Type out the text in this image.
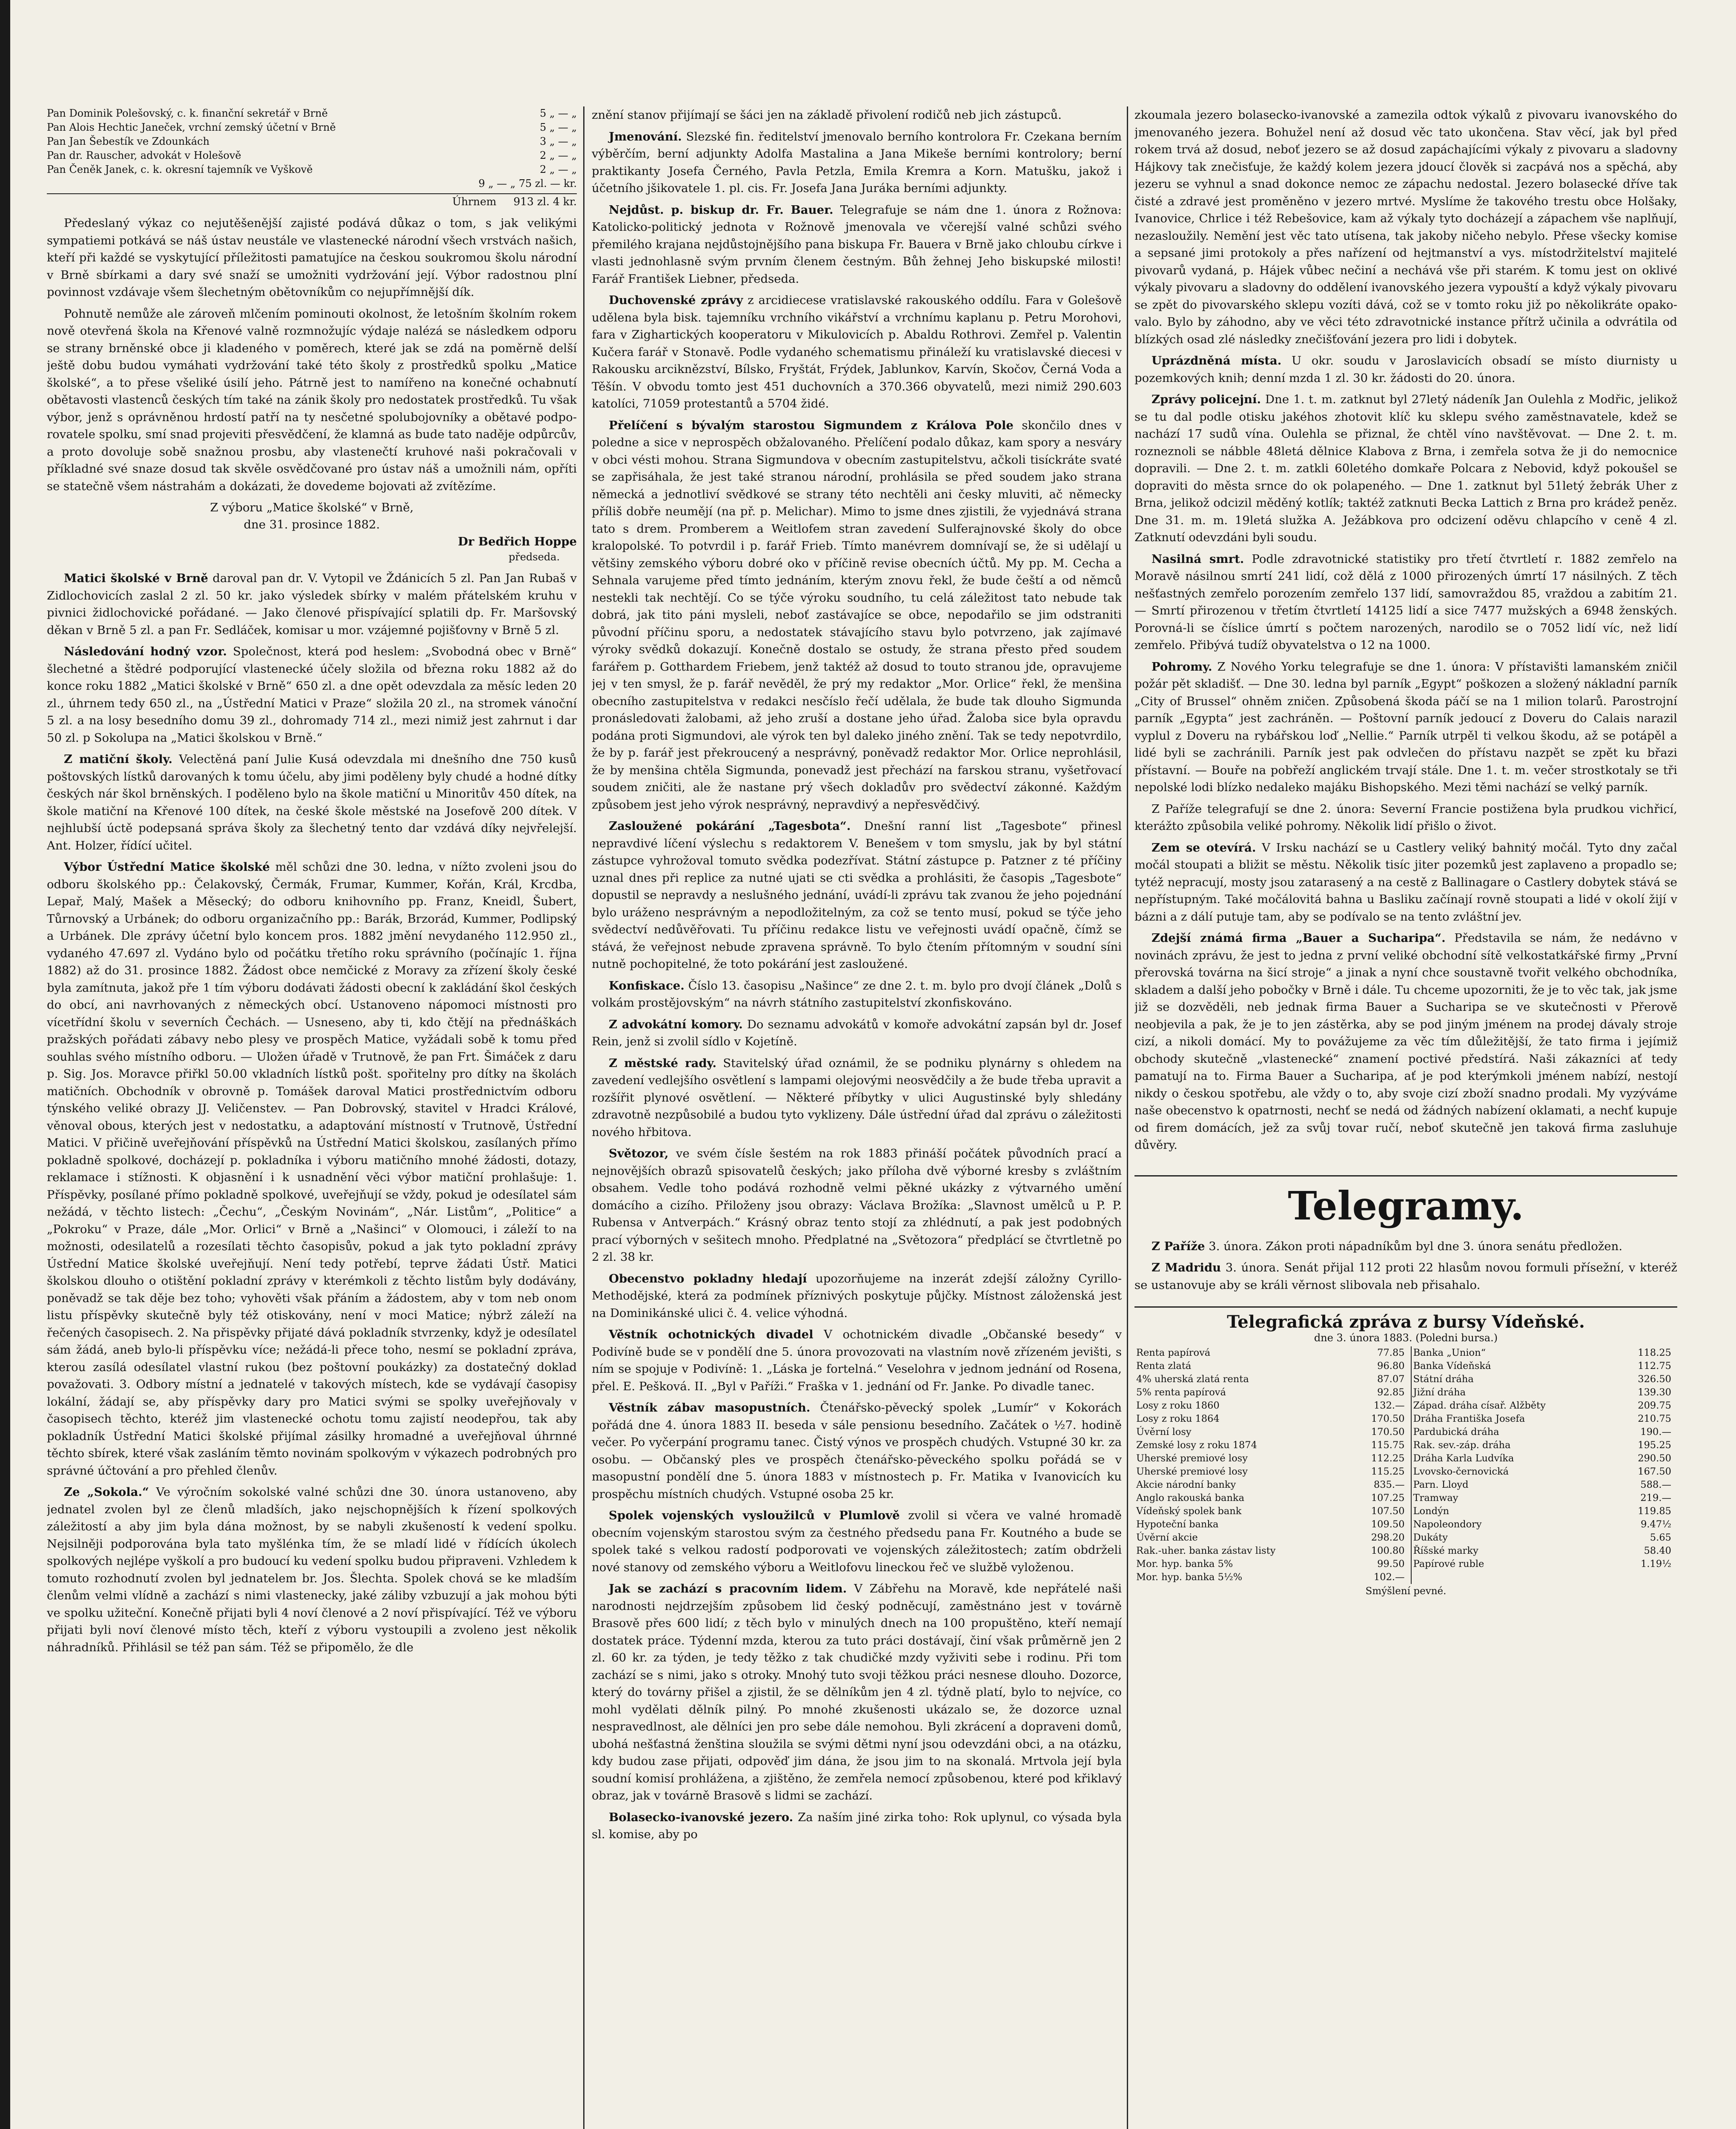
Pan Dominik Polešovský, c. k. finanční sekretář v Brně	5 „ — „
Pan Alois Hechtic Janeček, vrchní zemský účetní v Brně	5 „ — „
Pan Jan Šebestík ve Zdounkách	3 „ — „
Pan dr. Rauscher, advokát v Holešově	2 „ — „
Pan Čeněk Janek, c. k. okresní tajemník ve Vyškově	2 „ — „
9 „ — „ 75 zl. — kr.
Úhrnem 913 zl. 4 kr.

Předeslaný výkaz co nejutěšenější zajisté podává důkaz o tom, s jak velikými sympatiemi potkává se náš ústav neustále ve vlastenecké národní všech vrstvách našich, kteří při každé se vyskytující příležitosti pamatujíce na českou soukromou školu národní v Brně sbírkami a dary své snaží se umožniti vydržování její. Výbor radostnou plní povinnost vzdávaje všem šlechetným obětovníkům co nejupřímnější dík.

Pohnutě nemůže ale zároveň mlčením pominouti okolnost, že letošním školním rokem nově otevřená škola na Křenové valně rozmnožujíc výdaje nalézá se následkem odporu se strany brněnské obce ji kladeného v poměrech, které jak se zdá na poměrně delší ještě dobu budou vymáhati vydržování také této školy z prostředků spolku „Matice školské“, a to přese všeliké úsilí jeho. Pátrně jest to namířeno na konečné ochabnutí obětavosti vlastenců českých tím také na zánik školy pro nedostatek prostředků. Tu však výbor, jenž s oprávněnou hrdostí patří na ty nesčetné spolubojovníky a obětavé podporovatele spolku, smí snad projeviti přesvědčení, že klamná as bude tato naděje odpůrcův, a proto dovoluje sobě snažnou prosbu, aby vlastenečtí kruhové naši pokračovali v příkladné své snaze dosud tak skvěle osvědčované pro ústav náš a umožnili nám, opříti se statečně všem nástrahám a dokázati, že dovedeme bojovati až zvítězíme.

Z výboru „Matice školské“ v Brně,

dne 31. prosince 1882.

Dr Bedřich Hoppe

předseda.

Matici školské v Brně daroval pan dr. V. Vytopil ve Ždánicích 5 zl. Pan Jan Rubaš v Zidlochovicích zaslal 2 zl. 50 kr. jako výsledek sbírky v malém přátelském kruhu v pivnici židlochovické pořádané. — Jako členové přispívající splatili dp. Fr. Maršovský děkan v Brně 5 zl. a pan Fr. Sedláček, komisar u mor. vzájemné pojišťovny v Brně 5 zl.

Následování hodný vzor. Společnost, která pod heslem: „Svobodná obec v Brně“ šlechetné a štědré podporující vlastenecké účely složila od března roku 1882 až do konce roku 1882 „Matici školské v Brně“ 650 zl. a dne opět odevzdala za měsíc leden 20 zl., úhrnem tedy 650 zl., na „Ústřední Matici v Praze“ složila 20 zl., na stromek vánoční 5 zl. a na losy besedního domu 39 zl., dohromady 714 zl., mezi nimiž jest zahrnut i dar 50 zl. p Sokolupa na „Matici školskou v Brně.“

Z matiční školy. Velectěná paní Julie Kusá odevzdala mi dnešního dne 750 kusů poštovských lístků darovaných k tomu účelu, aby jimi poděleny byly chudé a hodné dítky českých nár škol brněnských. I poděleno bylo na škole matiční u Minoritův 450 dítek, na škole matiční na Křenové 100 dítek, na české škole městské na Josefově 200 dítek. V nejhlubší úctě podepsaná správa školy za šlechetný tento dar vzdává díky nejvřelejší. Ant. Holzer, řídící učitel.

Výbor Ústřední Matice školské měl schůzi dne 30. ledna, v nížto zvoleni jsou do odboru školského pp.: Čelakovský, Čermák, Frumar, Kummer, Kořán, Král, Krcdba, Lepař, Malý, Mašek a Měsecký; do odboru knihovního pp. Franz, Kneidl, Šubert, Tůrnovský a Urbánek; do odboru organizačního pp.: Barák, Brzorád, Kummer, Podlipský a Urbánek. Dle zprávy účetní bylo koncem pros. 1882 jmění nevydaného 112.950 zl., vydaného 47.697 zl. Vydáno bylo od počátku třetího roku správního (počínajíc 1. října 1882) až do 31. prosince 1882. Žádost obce nemčické z Moravy za zřízení školy české byla zamítnuta, jakož pře 1 tím výboru dodávati žádosti obecní k zakládání škol českých do obcí, ani navrhovaných z německých obcí. Ustanoveno nápomoci místnosti pro vícetřídní školu v severních Čechách. — Usneseno, aby ti, kdo čtějí na přednáškách pražských pořádati zábavy nebo plesy ve prospěch Matice, vyžádali sobě k tomu před souhlas svého místního odboru. — Uložen úřadě v Trutnově, že pan Frt. Šimáček z daru p. Sig. Jos. Moravce přiřkl 50.00 vkladních lístků pošt. spořitelny pro dítky na školách matičních. Obchodník v obrovně p. Tomášek daroval Matici prostřednictvím odboru týnského veliké obrazy JJ. Veličenstev. — Pan Dobrovský, stavitel v Hradci Králové, věnoval obous, kterých jest v nedostatku, a adaptování místností v Trutnově, Ústřední Matici. V přičině uveřejňování příspěvků na Ústřední Matici školskou, zasílaných přímo pokladně spolkové, docházejí p. pokladníka i výboru matičního mnohé žádosti, dotazy, reklamace i stížnosti. K objasnění i k usnadnění věci výbor matiční prohlašuje: 1. Příspěvky, posílané přímo pokladně spolkové, uveřejňují se vždy, pokud je odesílatel sám nežádá, v těchto listech: „Čechu“, „Českým Novinám“, „Nár. Listům“, „Politice“ a „Pokroku“ v Praze, dále „Mor. Orlici“ v Brně a „Našinci“ v Olomouci, i záleží to na možnosti, odesilatelů a rozesílati těchto časopisův, pokud a jak tyto pokladní zprávy Ústřední Matice školské uveřejňují. Není tedy potřebí, teprve žádati Ústř. Matici školskou dlouho o otištění pokladní zprávy v kterémkoli z těchto listům byly dodávány, poněvadž se tak děje bez toho; vyhověti však přáním a žádostem, aby v tom neb onom listu příspěvky skutečně byly též otiskovány, není v moci Matice; nýbrž záleží na řečených časopisech. 2. Na přispěvky přijaté dává pokladník stvrzenky, když je odesílatel sám žádá, aneb bylo-li příspěvku více; nežádá-li přece toho, nesmí se pokladní zpráva, kterou zasílá odesílatel vlastní rukou (bez poštovní poukázky) za dostatečný doklad považovati. 3. Odbory místní a jednatelé v takových místech, kde se vydávají časopisy lokální, žádají se, aby příspěvky dary pro Matici svými se spolky uveřejňovaly v časopisech těchto, kteréž jim vlastenecké ochotu tomu zajistí neodepřou, tak aby pokladník Ústřední Matici školské přijímal zásilky hromadné a uveřejňoval úhrnné těchto sbírek, které však zasláním těmto novinám spolkovým v výkazech podrobných pro správné účtování a pro přehled členův.

Ze „Sokola.“ Ve výročním sokolské valné schůzi dne 30. února ustanoveno, aby jednatel zvolen byl ze členů mladších, jako nejschopnějších k řízení spolkových záležitostí a aby jim byla dána možnost, by se nabyli zkušeností k vedení spolku. Nejsilněji podporována byla tato myšlénka tím, že se mladí lidé v řídících úkolech spolkových nejlépe vyškolí a pro budoucí ku vedení spolku budou připraveni. Vzhledem k tomuto rozhodnutí zvolen byl jednatelem br. Jos. Šlechta. Spolek chová se ke mladším členům velmi vlídně a zachází s nimi vlastenecky, jaké záliby vzbuzují a jak mohou býti ve spolku užiteční. Konečně přijati byli 4 noví členové a 2 noví přispívající. Též ve výboru přijati byli noví členové místo těch, kteří z výboru vystoupili a zvoleno jest několik náhradníků. Přihlásil se též pan sám. Též se připomělo, že dle

znění stanov přijímají se šáci jen na základě přivolení rodičů neb jich zástupců.

Jmenování. Slezské fin. ředitelství jmenovalo berního kontrolora Fr. Czekana berním výběrčím, berní adjunkty Adolfa Mastalina a Jana Mikeše berními kontrolory; berní praktikanty Josefa Černého, Pavla Petzla, Emila Kremra a Korn. Matušku, jakož i účetního jšikovatele 1. pl. cis. Fr. Josefa Jana Juráka berními adjunkty.

Nejdůst. p. biskup dr. Fr. Bauer. Telegrafuje se nám dne 1. února z Rožnova: Katolicko-politický jednota v Rožnově jmenovala ve včerejší valné schůzi svého přemilého krajana nejdůstojnějšího pana biskupa Fr. Bauera v Brně jako chloubu církve i vlasti jednohlasně svým prvním členem čestným. Bůh žehnej Jeho biskupské milosti! Farář František Liebner, předseda.

Duchovenské zprávy z arcidiecese vratislavské rakouského oddílu. Fara v Golešově udělena byla bisk. tajemníku vrchního vikářství a vrchnímu kaplanu p. Petru Morohovi, fara v Zighartických kooperatoru v Mikulovicích p. Abaldu Rothrovi. Zemřel p. Valentin Kučera farář v Stonavě. Podle vydaného schematismu přináleží ku vratislavské diecesi v Rakousku arciknězství, Bílsko, Fryštát, Frýdek, Jablunkov, Karvín, Skočov, Černá Voda a Těšín. V obvodu tomto jest 451 duchovních a 370.366 obyvatelů, mezi nimiž 290.603 katolíci, 71059 protestantů a 5704 židé.

Přelíčení s bývalým starostou Sigmundem z Králova Pole skončilo dnes v poledne a sice v neprospěch obžalovaného. Přelíčení podalo důkaz, kam spory a nesváry v obci vésti mohou. Strana Sigmundova v obecním zastupitelstvu, ačkoli tisíckráte svaté se zapřisáhala, že jest také stranou národní, prohlásila se před soudem jako strana německá a jednotliví svědkové se strany této nechtěli ani česky mluviti, ač německy příliš dobře neumějí (na př. p. Melichar). Mimo to jsme dnes zjistili, že vyjednává strana tato s drem. Promberem a Weitlofem stran zavedení Sulferajnovské školy do obce kralopolské. To potvrdil i p. farář Frieb. Tímto manévrem domnívají se, že si udělají u většiny zemského výboru dobré oko v příčině revise obecních účtů. My pp. M. Cecha a Sehnala varujeme před tímto jednáním, kterým znovu řekl, že bude čeští a od němců nestekli tak nechtějí. Co se týče výroku soudního, tu celá záležitost tato nebude tak dobrá, jak tito páni mysleli, neboť zastávajíce se obce, nepodařilo se jim odstraniti původní příčinu sporu, a nedostatek stávajícího stavu bylo potvrzeno, jak zajímavé výroky svědků dokazují. Konečně dostalo se ostudy, že strana přesto před soudem farářem p. Gotthardem Friebem, jenž taktéž až dosud to touto stranou jde, opravujeme jej v ten smysl, že p. farář nevěděl, že prý my redaktor „Mor. Orlice“ řekl, že menšina obecního zastupitelstva v redakci nesčíslo řečí udělala, že bude tak dlouho Sigmunda pronásledovati žalobami, až jeho zruší a dostane jeho úřad. Žaloba sice byla opravdu podána proti Sigmundovi, ale výrok ten byl daleko jiného znění. Tak se tedy nepotvrdilo, že by p. farář jest překroucený a nesprávný, poněvadž redaktor Mor. Orlice neprohlásil, že by menšina chtěla Sigmunda, ponevadž jest přechází na farskou stranu, vyšetřovací soudem zničiti, ale že nastane prý všech dokladův pro svědectví zákonné. Každým způsobem jest jeho výrok nesprávný, nepravdivý a nepřesvědčivý.

Zasloužené pokárání „Tagesbota“. Dnešní ranní list „Tagesbote“ přinesl nepravdivé líčení výslechu s redaktorem V. Benešem v tom smyslu, jak by byl státní zástupce vyhrožoval tomuto svědka podezřívat. Státní zástupce p. Patzner z té příčiny uznal dnes při replice za nutné ujati se cti svědka a prohlásiti, že časopis „Tagesbote“ dopustil se nepravdy a neslušného jednání, uvádí-li zprávu tak zvanou že jeho pojednání bylo uráženo nesprávným a nepodložitelným, za což se tento musí, pokud se týče jeho svědectví nedůvěřovati. Tu příčinu redakce listu ve veřejnosti uvádí opačně, čímž se stává, že veřejnost nebude zpravena správně. To bylo čtením přítomným v soudní síni nutně pochopitelné, že toto pokárání jest zasloužené.

Konfiskace. Číslo 13. časopisu „Našince“ ze dne 2. t. m. bylo pro dvojí článek „Dolů s volkám prostějovským“ na návrh státního zastupitelství zkonfiskováno.

Z advokátní komory. Do seznamu advokátů v komoře advokátní zapsán byl dr. Josef Rein, jenž si zvolil sídlo v Kojetíně.

Z městské rady. Stavitelský úřad oznámil, že se podniku plynárny s ohledem na zavedení vedlejšího osvětlení s lampami olejovými neosvědčily a že bude třeba upravit a rozšířit plynové osvětlení. — Některé příbytky v ulici Augustinské byly shledány zdravotně nezpůsobilé a budou tyto vyklizeny. Dále ústřední úřad dal zprávu o záležitosti nového hřbitova.

Světozor, ve svém čísle šestém na rok 1883 přináší počátek původních prací a nejnovějších obrazů spisovatelů českých; jako příloha dvě výborné kresby s zvláštním obsahem. Vedle toho podává rozhodně velmi pěkné ukázky z výtvarného umění domácího a cizího. Přiloženy jsou obrazy: Václava Brožíka: „Slavnost umělců u P. P. Rubensa v Antverpách.“ Krásný obraz tento stojí za zhlédnutí, a pak jest podobných prací výborných v sešitech mnoho. Předplatné na „Světozora“ předplácí se čtvrtletně po 2 zl. 38 kr.

Obecenstvo pokladny hledají upozorňujeme na inzerát zdejší záložny Cyrillo-Methodějské, která za podmínek příznivých poskytuje půjčky. Místnost záloženská jest na Dominikánské ulici č. 4. velice výhodná.

Věstník ochotnických divadel V ochotnickém divadle „Občanské besedy“ v Podivíně bude se v pondělí dne 5. února provozovati na vlastním nově zřízeném jevišti, s ním se spojuje v Podivíně: 1. „Láska je fortelná.“ Veselohra v jednom jednání od Rosena, přel. E. Pešková. II. „Byl v Paříži.“ Fraška v 1. jednání od Fr. Janke. Po divadle tanec.

Věstník zábav masopustních. Čtenářsko-pěvecký spolek „Lumír“ v Kokorách pořádá dne 4. února 1883 II. beseda v sále pensionu besedního. Začátek o ½7. hodině večer. Po vyčerpání programu tanec. Čistý výnos ve prospěch chudých. Vstupné 30 kr. za osobu. — Občanský ples ve prospěch čtenářsko-pěveckého spolku pořádá se v masopustní pondělí dne 5. února 1883 v místnostech p. Fr. Matika v Ivanovicích ku prospěchu místních chudých. Vstupné osoba 25 kr.

Spolek vojenských vysloužilců v Plumlově zvolil si včera ve valné hromadě obecním vojenským starostou svým za čestného předsedu pana Fr. Koutného a bude se spolek také s velkou radostí podporovati ve vojenských záležitostech; zatím obdrželi nové stanovy od zemského výboru a Weitlofovu lineckou řeč ve službě vyloženou.

Jak se zachází s pracovním lidem. V Zábřehu na Moravě, kde nepřátelé naši narodnosti nejdrzejším způsobem lid český podněcují, zaměstnáno jest v továrně Brasově přes 600 lidí; z těch bylo v minulých dnech na 100 propuštěno, kteří nemají dostatek práce. Týdenní mzda, kterou za tuto práci dostávají, činí však průměrně jen 2 zl. 60 kr. za týden, je tedy těžko z tak chudičké mzdy vyživiti sebe i rodinu. Při tom zachází se s nimi, jako s otroky. Mnohý tuto svoji těžkou práci nesnese dlouho. Dozorce, který do továrny přišel a zjistil, že se dělníkům jen 4 zl. týdně platí, bylo to nejvíce, co mohl vydělati dělník pilný. Po mnohé zkušenosti ukázalo se, že dozorce uznal nespravedlnost, ale dělníci jen pro sebe dále nemohou. Byli zkrácení a dopraveni domů, ubohá nešťastná ženština sloužila se svými dětmi nyní jsou odevzdáni obci, a na otázku, kdy budou zase přijati, odpověď jim dána, že jsou jim to na skonalá. Mrtvola její byla soudní komisí prohlážena, a zjištěno, že zemřela nemocí způsobenou, které pod křiklavý obraz, jak v továrně Brasově s lidmi se zachází.

Bolasecko-ivanovské jezero. Za naším jiné zirka toho: Rok uplynul, co výsada byla sl. komise, aby po

zkoumala jezero bolasecko-ivanovské a zamezila odtok výkalů z pivovaru ivanovského do jmenovaného jezera. Bohužel není až dosud věc tato ukončena. Stav věcí, jak byl před rokem trvá až dosud, neboť jezero se až dosud zapáchajícími výkaly z pivovaru a sladovny Hájkovy tak znečisťuje, že každý kolem jezera jdoucí člověk si zacpává nos a spěchá, aby jezeru se vyhnul a snad dokonce nemoc ze zápachu nedostal. Jezero bolasecké dříve tak čisté a zdravé jest proměněno v jezero mrtvé. Myslíme že takového trestu obce Holšaky, Ivanovice, Chrlice i též Rebešovice, kam až výkaly tyto docházejí a zápachem vše naplňují, nezasloužily. Nemění jest věc tato utísena, tak jakoby ničeho nebylo. Přese všecky komise a sepsané jimi protokoly a přes nařízení od hejtmanství a vys. místodržitelství majitelé pivovarů vydaná, p. Hájek vůbec nečiní a nechává vše při starém. K tomu jest on oklivé výkaly pivovaru a sladovny do oddělení ivanovského jezera vypouští a když výkaly pivovaru se zpět do pivovarského sklepu vozíti dává, což se v tomto roku již po několikráte opakovalo. Bylo by záhodno, aby ve věci této zdravotnické instance přítrž učinila a odvrátila od blízkých osad zlé následky znečišťování jezera pro lidi i dobytek.

Uprázdněná místa. U okr. soudu v Jaroslavicích obsadí se místo diurnisty u pozemkových knih; denní mzda 1 zl. 30 kr. žádosti do 20. února.

Zprávy policejní. Dne 1. t. m. zatknut byl 27letý nádeník Jan Oulehla z Modřic, jelikož se tu dal podle otisku jakéhos zhotovit klíč ku sklepu svého zaměstnavatele, kdež se nachází 17 sudů vína. Oulehla se přiznal, že chtěl víno navštěvovat. — Dne 2. t. m. rozneznoli se nábble 48letá dělnice Klabova z Brna, i zemřela sotva že ji do nemocnice dopravili. — Dne 2. t. m. zatkli 60letého domkaře Polcara z Nebovid, když pokoušel se dopraviti do města srnce do ok polapeného. — Dne 1. zatknut byl 51letý žebrák Uher z Brna, jelikož odcizil měděný kotlík; taktéž zatknuti Becka Lattich z Brna pro krádež peněz. Dne 31. m. m. 19letá služka A. Ježábkova pro odcizení oděvu chlapcího v ceně 4 zl. Zatknutí odevzdáni byli soudu.

Nasilná smrt. Podle zdravotnické statistiky pro třetí čtvrtletí r. 1882 zemřelo na Moravě násilnou smrtí 241 lidí, což dělá z 1000 přirozených úmrtí 17 násilných. Z těch nešťastných zemřelo porozením zemřelo 137 lidí, samovraždou 85, vraždou a zabitím 21. — Smrtí přirozenou v třetím čtvrtletí 14125 lidí a sice 7477 mužských a 6948 ženských. Porovná-li se číslice úmrtí s počtem narozených, narodilo se o 7052 lidí víc, než lidí zemřelo. Přibývá tudíž obyvatelstva o 12 na 1000.

Pohromy. Z Nového Yorku telegrafuje se dne 1. února: V přístavišti lamanském zničil požár pět skladišť. — Dne 30. ledna byl parník „Egypt“ poškozen a složený nákladní parník „City of Brussel“ ohněm zničen. Způsobená škoda páčí se na 1 milion tolarů. Parostrojní parník „Egypta“ jest zachráněn. — Poštovní parník jedoucí z Doveru do Calais narazil vyplul z Doveru na rybářskou loď „Nellie.“ Parník utrpěl ti velkou škodu, až se potápěl a lidé byli se zachránili. Parník jest pak odvlečen do přístavu nazpět se zpět ku břazi přístavní. — Bouře na pobřeží anglickém trvají stále. Dne 1. t. m. večer strostkotaly se tři nepolské lodi blízko nedaleko majáku Bishopského. Mezi těmi nachází se velký parník.

Z Paříže telegrafují se dne 2. února: Severní Francie postižena byla prudkou vichřicí, kterážto způsobila veliké pohromy. Několik lidí přišlo o život.

Zem se otevírá. V Irsku nachází se u Castlery veliký bahnitý močál. Tyto dny začal močál stoupati a bližit se městu. Několik tisíc jiter pozemků jest zaplaveno a propadlo se; tytéž nepracují, mosty jsou zatarasený a na cestě z Ballinagare o Castlery dobytek stává se nepřístupným. Také močálovitá bahna u Basliku začínají rovně stoupati a lidé v okolí žijí v bázni a z dálí putuje tam, aby se podívalo se na tento zvláštní jev.

Zdejší známá firma „Bauer a Sucharipa“. Představila se nám, že nedávno v novinách zprávu, že jest to jedna z první veliké obchodní sítě velkostatkářské firmy „První přerovská továrna na šicí stroje“ a jinak a nyní chce soustavně tvořit velkého obchodníka, skladem a další jeho pobočky v Brně i dále. Tu chceme upozorniti, že je to věc tak, jak jsme již se dozvěděli, neb jednak firma Bauer a Sucharipa se ve skutečnosti v Přerově neobjevila a pak, že je to jen zástěrka, aby se pod jiným jménem na prodej dávaly stroje cizí, a nikoli domácí. My to povážujeme za věc tím důležitější, že tato firma i jejímiž obchody skutečně „vlastenecké“ znamení poctivé předstírá. Naši zákazníci ať tedy pamatují na to. Firma Bauer a Sucharipa, ať je pod kterýmkoli jménem nabízí, nestojí nikdy o českou spotřebu, ale vždy o to, aby svoje cizí zboží snadno prodali. My vyzýváme naše obecenstvo k opatrnosti, nechť se nedá od žádných nabízení oklamati, a nechť kupuje od firem domácích, jež za svůj tovar ručí, neboť skutečně jen taková firma zasluhuje důvěry.

Telegramy.

Z Paříže 3. února. Zákon proti nápadníkům byl dne 3. února senátu předložen.

Z Madridu 3. února. Senát přijal 112 proti 22 hlasům novou formuli přísežní, v kteréž se ustanovuje aby se králi věrnost slibovala neb přisahalo.

Telegrafická zpráva z bursy Vídeňské.
dne 3. února 1883. (Poledni bursa.)
Renta papírová	77.85	Banka „Union“	118.25
Renta zlatá	96.80	Banka Vídeňská	112.75
4% uherská zlatá renta	87.07	Státní dráha	326.50
5% renta papírová	92.85	Jižní dráha	139.30
Losy z roku 1860	132.—	Západ. dráha císař. Alžběty	209.75
Losy z roku 1864	170.50	Dráha Františka Josefa	210.75
Úvěrní losy	170.50	Pardubická dráha	190.—
Zemské losy z roku 1874	115.75	Rak. sev.-záp. dráha	195.25
Uherské premiové losy	112.25	Dráha Karla Ludvíka	290.50
Uherské premiové losy	115.25	Lvovsko-černovická	167.50
Akcie národní banky	835.—	Parn. Lloyd	588.—
Anglo rakouská banka	107.25	Tramway	219.—
Vídeňský spolek bank	107.50	Londýn	119.85
Hypoteční banka	109.50	Napoleondory	9.47½
Úvěrní akcie	298.20	Dukáty	5.65
Rak.-uher. banka zástav listy	100.80	Říšské marky	58.40
Mor. hyp. banka 5%	99.50	Papírové ruble	1.19½
Mor. hyp. banka 5½%	102.—		
Smýšlení pevné.
